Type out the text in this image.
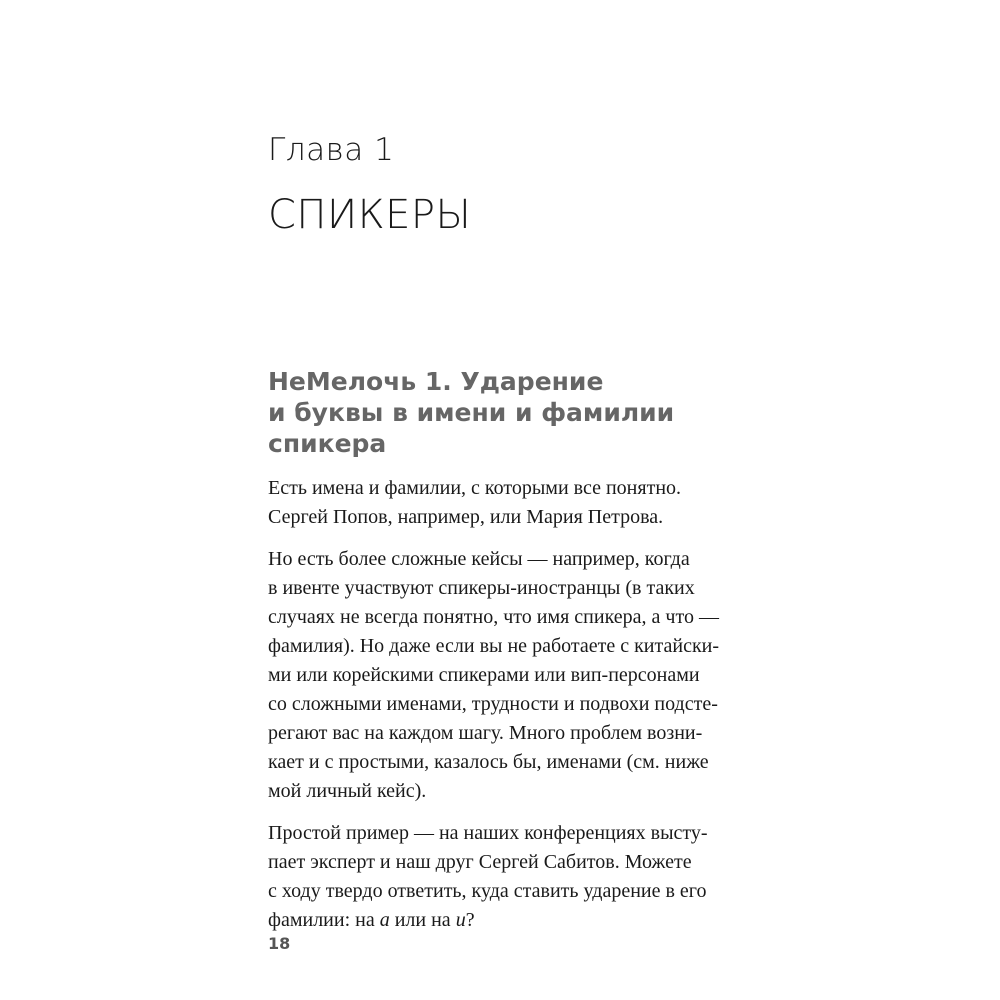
Глава 1
СПИКЕРЫ
НеМелочь 1. Ударение
и буквы в имени и фамилии
спикера

Есть имена и фамилии, с которыми все понятно.
Сергей Попов, например, или Мария Петрова.

Но есть более сложные кейсы — например, когда
в ивенте участвуют спикеры-иностранцы (в таких
случаях не всегда понятно, что имя спикера, а что —
фамилия). Но даже если вы не работаете с китайски-
ми или корейскими спикерами или вип-персонами
со сложными именами, трудности и подвохи подсте-
регают вас на каждом шагу. Много проблем возни-
кает и с простыми, казалось бы, именами (см. ниже
мой личный кейс).

Простой пример — на наших конференциях высту-
пает эксперт и наш друг Сергей Сабитов. Можете
с ходу твердо ответить, куда ставить ударение в его
фамилии: на а или на и?

18
